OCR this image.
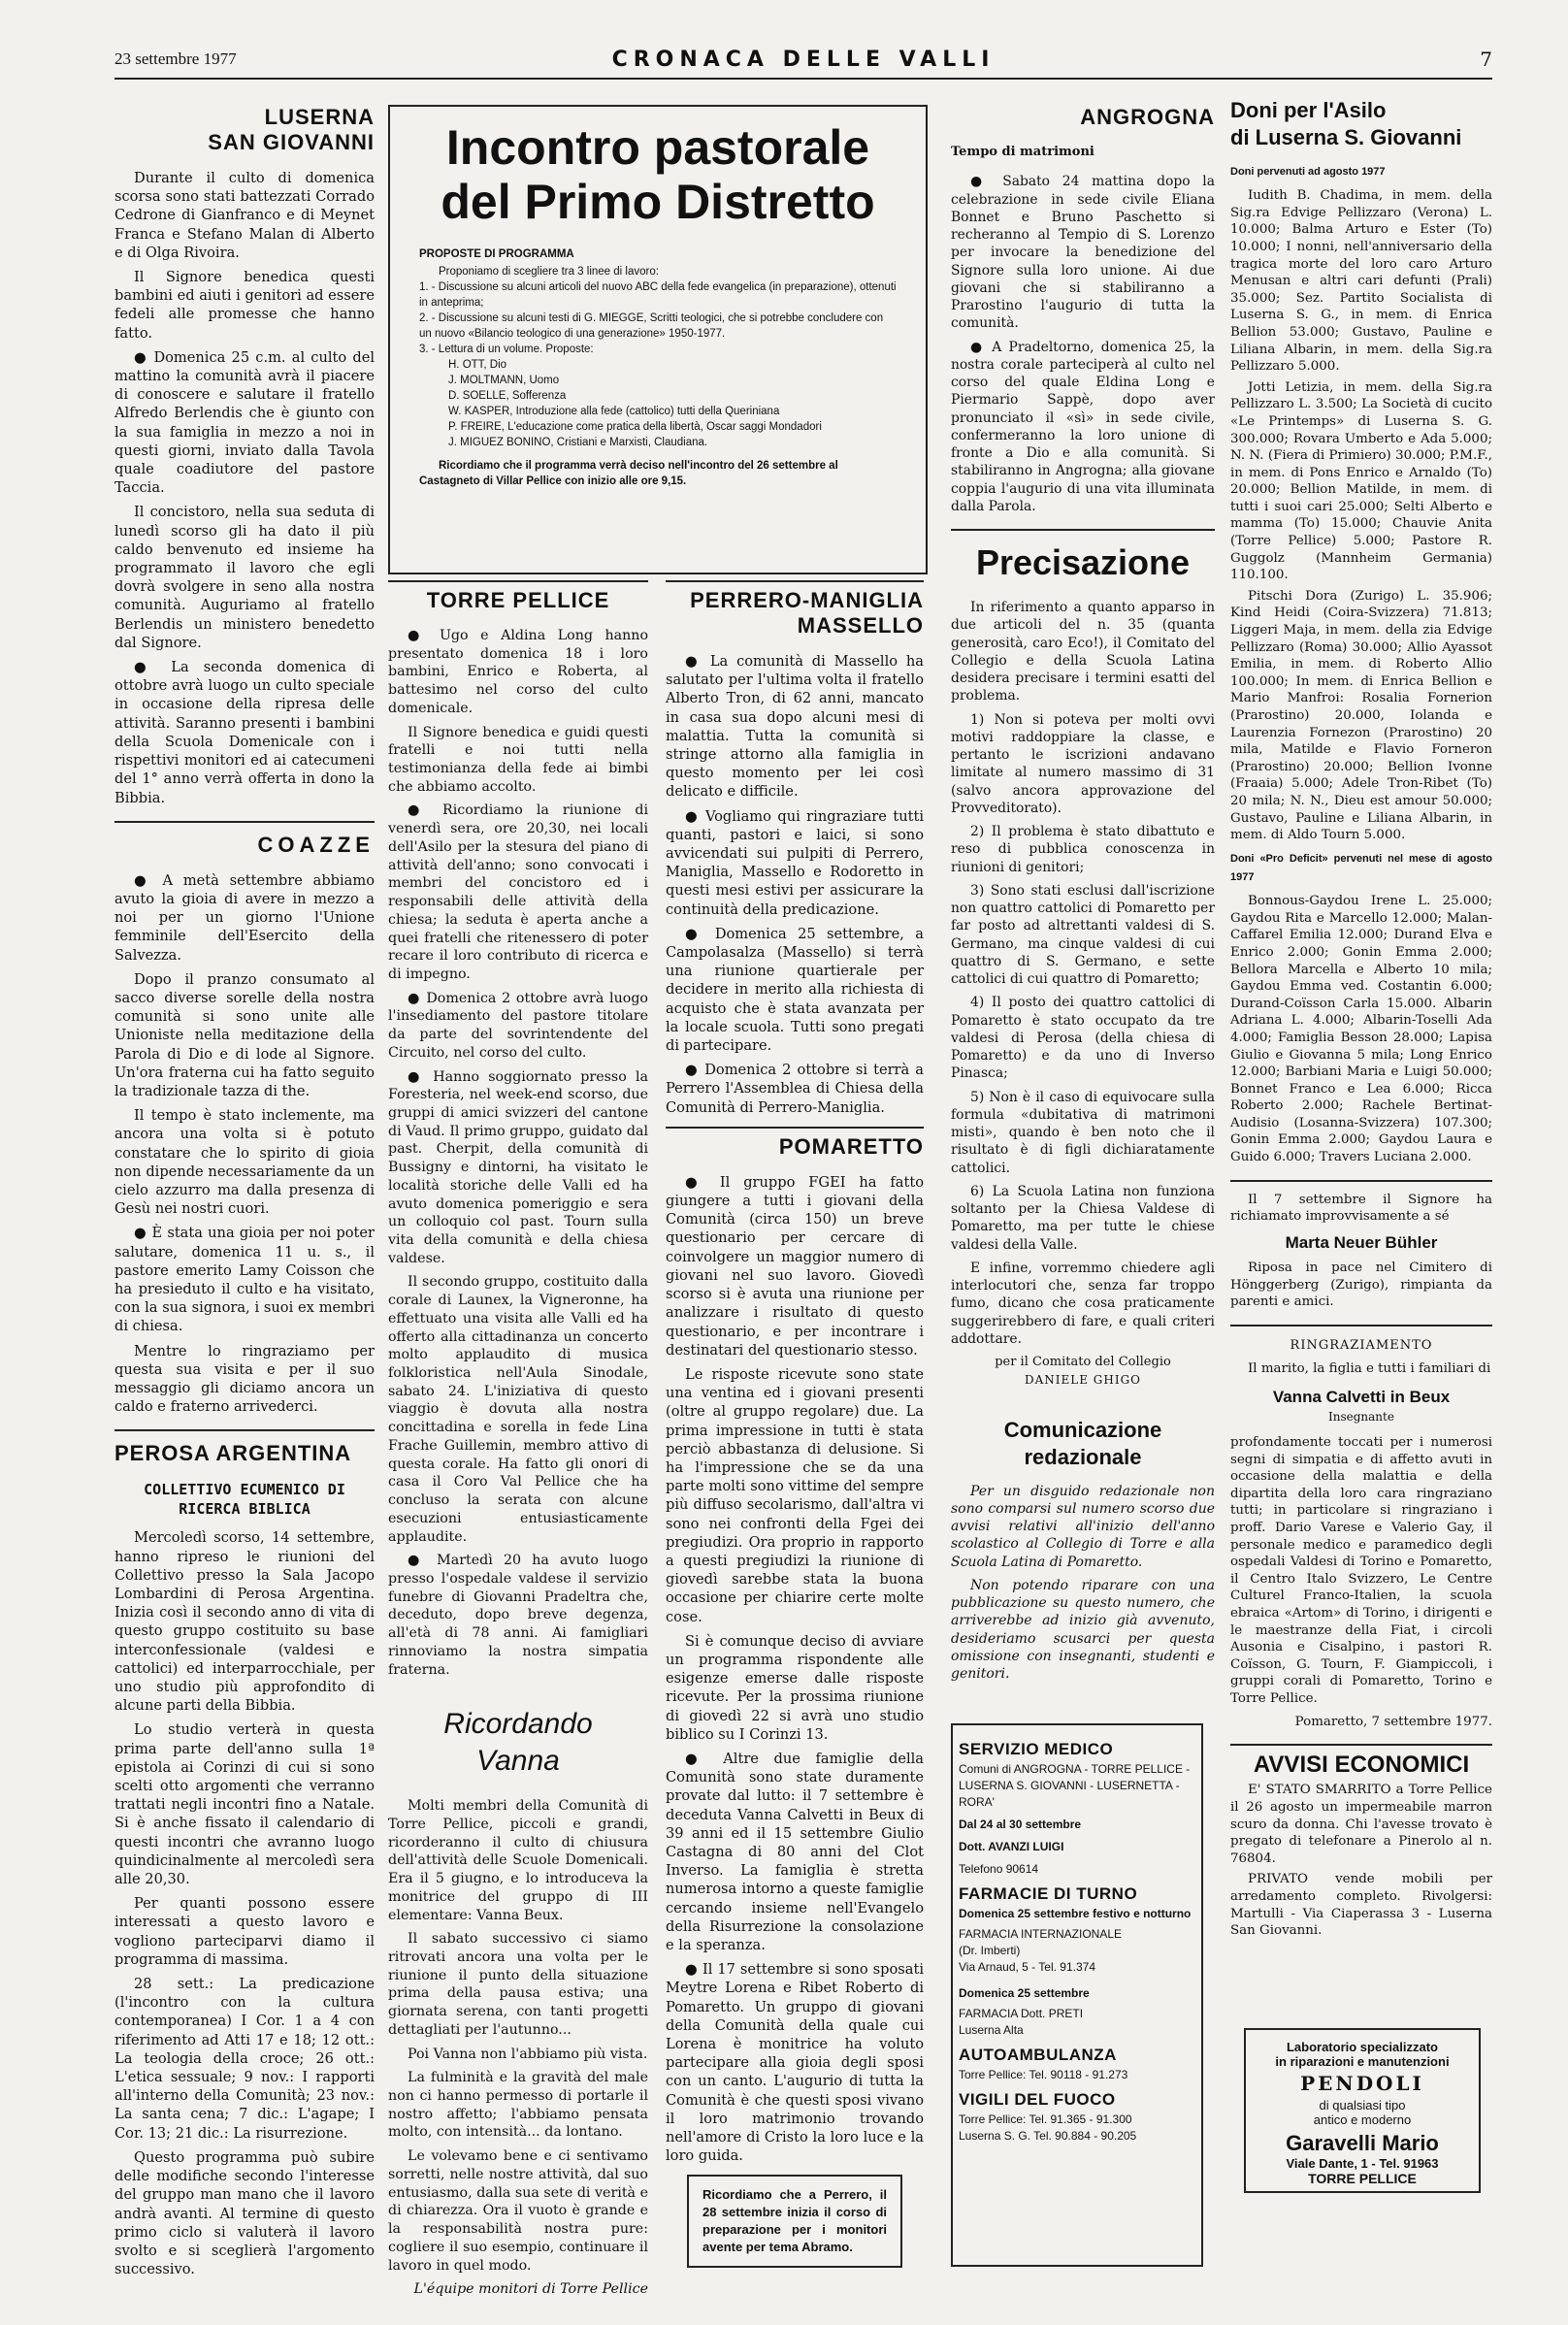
23 settembre 1977	CRONACA DELLE VALLI	7
LUSERNA
SAN GIOVANNI

Durante il culto di domenica scorsa sono stati battezzati Corrado Cedrone di Gianfranco e di Meynet Franca e Stefano Malan di Alberto e di Olga Rivoira.

Il Signore benedica questi bambini ed aiuti i genitori ad essere fedeli alle promesse che hanno fatto.

● Domenica 25 c.m. al culto del mattino la comunità avrà il piacere di conoscere e salutare il fratello Alfredo Berlendis che è giunto con la sua famiglia in mezzo a noi in questi giorni, inviato dalla Tavola quale coadiutore del pastore Taccia.

Il concistoro, nella sua seduta di lunedì scorso gli ha dato il più caldo benvenuto ed insieme ha programmato il lavoro che egli dovrà svolgere in seno alla nostra comunità. Auguriamo al fratello Berlendis un ministero benedetto dal Signore.

● La seconda domenica di ottobre avrà luogo un culto speciale in occasione della ripresa delle attività. Saranno presenti i bambini della Scuola Domenicale con i rispettivi monitori ed ai catecumeni del 1° anno verrà offerta in dono la Bibbia.

COAZZE

● A metà settembre abbiamo avuto la gioia di avere in mezzo a noi per un giorno l'Unione femminile dell'Esercito della Salvezza.

Dopo il pranzo consumato al sacco diverse sorelle della nostra comunità si sono unite alle Unioniste nella meditazione della Parola di Dio e di lode al Signore. Un'ora fraterna cui ha fatto seguito la tradizionale tazza di the.

Il tempo è stato inclemente, ma ancora una volta si è potuto constatare che lo spirito di gioia non dipende necessariamente da un cielo azzurro ma dalla presenza di Gesù nei nostri cuori.

● È stata una gioia per noi poter salutare, domenica 11 u. s., il pastore emerito Lamy Coisson che ha presieduto il culto e ha visitato, con la sua signora, i suoi ex membri di chiesa.

Mentre lo ringraziamo per questa sua visita e per il suo messaggio gli diciamo ancora un caldo e fraterno arrivederci.

PEROSA ARGENTINA
COLLETTIVO ECUMENICO DI RICERCA BIBLICA

Mercoledì scorso, 14 settembre, hanno ripreso le riunioni del Collettivo presso la Sala Jacopo Lombardini di Perosa Argentina. Inizia così il secondo anno di vita di questo gruppo costituito su base interconfessionale (valdesi e cattolici) ed interparrocchiale, per uno studio più approfondito di alcune parti della Bibbia.

Lo studio verterà in questa prima parte dell'anno sulla 1ª epistola ai Corinzi di cui si sono scelti otto argomenti che verranno trattati negli incontri fino a Natale. Si è anche fissato il calendario di questi incontri che avranno luogo quindicinalmente al mercoledì sera alle 20,30.

Per quanti possono essere interessati a questo lavoro e vogliono parteciparvi diamo il programma di massima.

28 sett.: La predicazione (l'incontro con la cultura contemporanea) I Cor. 1 a 4 con riferimento ad Atti 17 e 18; 12 ott.: La teologia della croce; 26 ott.: L'etica sessuale; 9 nov.: I rapporti all'interno della Comunità; 23 nov.: La santa cena; 7 dic.: L'agape; I Cor. 13; 21 dic.: La risurrezione.

Questo programma può subire delle modifiche secondo l'interesse del gruppo man mano che il lavoro andrà avanti. Al termine di questo primo ciclo si valuterà il lavoro svolto e si sceglierà l'argomento successivo.

Incontro pastorale
del Primo Distretto
PROPOSTE DI PROGRAMMA
Proponiamo di scegliere tra 3 linee di lavoro:
1. - Discussione su alcuni articoli del nuovo ABC della fede evangelica (in preparazione), ottenuti in anteprima;
2. - Discussione su alcuni testi di G. MIEGGE, Scritti teologici, che si potrebbe concludere con un nuovo «Bilancio teologico di una generazione» 1950-1977.
3. - Lettura di un volume. Proposte:
H. OTT, Dio
J. MOLTMANN, Uomo
D. SOELLE, Sofferenza
W. KASPER, Introduzione alla fede (cattolico) tutti della Queriniana
P. FREIRE, L'educazione come pratica della libertà, Oscar saggi Mondadori
J. MIGUEZ BONINO, Cristiani e Marxisti, Claudiana.
Ricordiamo che il programma verrà deciso nell'incontro del 26 settembre al Castagneto di Villar Pellice con inizio alle ore 9,15.
TORRE PELLICE

● Ugo e Aldina Long hanno presentato domenica 18 i loro bambini, Enrico e Roberta, al battesimo nel corso del culto domenicale.

Il Signore benedica e guidi questi fratelli e noi tutti nella testimonianza della fede ai bimbi che abbiamo accolto.

● Ricordiamo la riunione di venerdì sera, ore 20,30, nei locali dell'Asilo per la stesura del piano di attività dell'anno; sono convocati i membri del concistoro ed i responsabili delle attività della chiesa; la seduta è aperta anche a quei fratelli che ritenessero di poter recare il loro contributo di ricerca e di impegno.

● Domenica 2 ottobre avrà luogo l'insediamento del pastore titolare da parte del sovrintendente del Circuito, nel corso del culto.

● Hanno soggiornato presso la Foresteria, nel week-end scorso, due gruppi di amici svizzeri del cantone di Vaud. Il primo gruppo, guidato dal past. Cherpit, della comunità di Bussigny e dintorni, ha visitato le località storiche delle Valli ed ha avuto domenica pomeriggio e sera un colloquio col past. Tourn sulla vita della comunità e della chiesa valdese.

Il secondo gruppo, costituito dalla corale di Launex, la Vigneronne, ha effettuato una visita alle Valli ed ha offerto alla cittadinanza un concerto molto applaudito di musica folkloristica nell'Aula Sinodale, sabato 24. L'iniziativa di questo viaggio è dovuta alla nostra concittadina e sorella in fede Lina Frache Guillemin, membro attivo di questa corale. Ha fatto gli onori di casa il Coro Val Pellice che ha concluso la serata con alcune esecuzioni entusiasticamente applaudite.

● Martedì 20 ha avuto luogo presso l'ospedale valdese il servizio funebre di Giovanni Pradeltra che, deceduto, dopo breve degenza, all'età di 78 anni. Ai famigliari rinnoviamo la nostra simpatia fraterna.

Ricordando
Vanna

Molti membri della Comunità di Torre Pellice, piccoli e grandi, ricorderanno il culto di chiusura dell'attività delle Scuole Domenicali. Era il 5 giugno, e lo introduceva la monitrice del gruppo di III elementare: Vanna Beux.

Il sabato successivo ci siamo ritrovati ancora una volta per le riunione il punto della situazione prima della pausa estiva; una giornata serena, con tanti progetti dettagliati per l'autunno...

Poi Vanna non l'abbiamo più vista.

La fulminità e la gravità del male non ci hanno permesso di portarle il nostro affetto; l'abbiamo pensata molto, con intensità... da lontano.

Le volevamo bene e ci sentivamo sorretti, nelle nostre attività, dal suo entusiasmo, dalla sua sete di verità e di chiarezza. Ora il vuoto è grande e la responsabilità nostra pure: cogliere il suo esempio, continuare il lavoro in quel modo.

L'équipe monitori di Torre Pellice
PERRERO-MANIGLIA
MASSELLO

● La comunità di Massello ha salutato per l'ultima volta il fratello Alberto Tron, di 62 anni, mancato in casa sua dopo alcuni mesi di malattia. Tutta la comunità si stringe attorno alla famiglia in questo momento per lei così delicato e difficile.

● Vogliamo qui ringraziare tutti quanti, pastori e laici, si sono avvicendati sui pulpiti di Perrero, Maniglia, Massello e Rodoretto in questi mesi estivi per assicurare la continuità della predicazione.

● Domenica 25 settembre, a Campolasalza (Massello) si terrà una riunione quartierale per decidere in merito alla richiesta di acquisto che è stata avanzata per la locale scuola. Tutti sono pregati di partecipare.

● Domenica 2 ottobre si terrà a Perrero l'Assemblea di Chiesa della Comunità di Perrero-Maniglia.

POMARETTO

● Il gruppo FGEI ha fatto giungere a tutti i giovani della Comunità (circa 150) un breve questionario per cercare di coinvolgere un maggior numero di giovani nel suo lavoro. Giovedì scorso si è avuta una riunione per analizzare i risultato di questo questionario, e per incontrare i destinatari del questionario stesso.

Le risposte ricevute sono state una ventina ed i giovani presenti (oltre al gruppo regolare) due. La prima impressione in tutti è stata perciò abbastanza di delusione. Si ha l'impressione che se da una parte molti sono vittime del sempre più diffuso secolarismo, dall'altra vi sono nei confronti della Fgei dei pregiudizi. Ora proprio in rapporto a questi pregiudizi la riunione di giovedì sarebbe stata la buona occasione per chiarire certe molte cose.

Si è comunque deciso di avviare un programma rispondente alle esigenze emerse dalle risposte ricevute. Per la prossima riunione di giovedì 22 si avrà uno studio biblico su I Corinzi 13.

● Altre due famiglie della Comunità sono state duramente provate dal lutto: il 7 settembre è deceduta Vanna Calvetti in Beux di 39 anni ed il 15 settembre Giulio Castagna di 80 anni del Clot Inverso. La famiglia è stretta numerosa intorno a queste famiglie cercando insieme nell'Evangelo della Risurrezione la consolazione e la speranza.

● Il 17 settembre si sono sposati Meytre Lorena e Ribet Roberto di Pomaretto. Un gruppo di giovani della Comunità della quale cui Lorena è monitrice ha voluto partecipare alla gioia degli sposi con un canto. L'augurio di tutta la Comunità è che questi sposi vivano il loro matrimonio trovando nell'amore di Cristo la loro luce e la loro guida.

Ricordiamo che a Perrero, il 28 settembre inizia il corso di preparazione per i monitori avente per tema Abramo.
ANGROGNA
Tempo di matrimoni

● Sabato 24 mattina dopo la celebrazione in sede civile Eliana Bonnet e Bruno Paschetto si recheranno al Tempio di S. Lorenzo per invocare la benedizione del Signore sulla loro unione. Ai due giovani che si stabiliranno a Prarostino l'augurio di tutta la comunità.

● A Pradeltorno, domenica 25, la nostra corale parteciperà al culto nel corso del quale Eldina Long e Piermario Sappè, dopo aver pronunciato il «sì» in sede civile, confermeranno la loro unione di fronte a Dio e alla comunità. Si stabiliranno in Angrogna; alla giovane coppia l'augurio di una vita illuminata dalla Parola.

Precisazione

In riferimento a quanto apparso in due articoli del n. 35 (quanta generosità, caro Eco!), il Comitato del Collegio e della Scuola Latina desidera precisare i termini esatti del problema.

1) Non si poteva per molti ovvi motivi raddoppiare la classe, e pertanto le iscrizioni andavano limitate al numero massimo di 31 (salvo ancora approvazione del Provveditorato).

2) Il problema è stato dibattuto e reso di pubblica conoscenza in riunioni di genitori;

3) Sono stati esclusi dall'iscrizione non quattro cattolici di Pomaretto per far posto ad altrettanti valdesi di S. Germano, ma cinque valdesi di cui quattro di S. Germano, e sette cattolici di cui quattro di Pomaretto;

4) Il posto dei quattro cattolici di Pomaretto è stato occupato da tre valdesi di Perosa (della chiesa di Pomaretto) e da uno di Inverso Pinasca;

5) Non è il caso di equivocare sulla formula «dubitativa di matrimoni misti», quando è ben noto che il risultato è di figli dichiaratamente cattolici.

6) La Scuola Latina non funziona soltanto per la Chiesa Valdese di Pomaretto, ma per tutte le chiese valdesi della Valle.

E infine, vorremmo chiedere agli interlocutori che, senza far troppo fumo, dicano che cosa praticamente suggerirebbero di fare, e quali criteri addottare.

per il Comitato del Collegio
DANIELE GHIGO
Comunicazione redazionale

Per un disguido redazionale non sono comparsi sul numero scorso due avvisi relativi all'inizio dell'anno scolastico al Collegio di Torre e alla Scuola Latina di Pomaretto.

Non potendo riparare con una pubblicazione su questo numero, che arriverebbe ad inizio già avvenuto, desideriamo scusarci per questa omissione con insegnanti, studenti e genitori.

SERVIZIO MEDICO
Comuni di ANGROGNA - TORRE PELLICE - LUSERNA S. GIOVANNI - LUSERNETTA - RORA'
Dal 24 al 30 settembre
Dott. AVANZI LUIGI
Telefono 90614
FARMACIE DI TURNO
Domenica 25 settembre festivo e notturno
FARMACIA INTERNAZIONALE
(Dr. Imberti)
Via Arnaud, 5 - Tel. 91.374
Domenica 25 settembre
FARMACIA Dott. PRETI
Luserna Alta
AUTOAMBULANZA
Torre Pellice: Tel. 90118 - 91.273
VIGILI DEL FUOCO
Torre Pellice: Tel. 91.365 - 91.300
Luserna S. G. Tel. 90.884 - 90.205
Doni per l'Asilo
di Luserna S. Giovanni
Doni pervenuti ad agosto 1977

Iudith B. Chadima, in mem. della Sig.ra Edvige Pellizzaro (Verona) L. 10.000; Balma Arturo e Ester (To) 10.000; I nonni, nell'anniversario della tragica morte del loro caro Arturo Menusan e altri cari defunti (Prali) 35.000; Sez. Partito Socialista di Luserna S. G., in mem. di Enrica Bellion 53.000; Gustavo, Pauline e Liliana Albarin, in mem. della Sig.ra Pellizzaro 5.000.

Jotti Letizia, in mem. della Sig.ra Pellizzaro L. 3.500; La Società di cucito «Le Printemps» di Luserna S. G. 300.000; Rovara Umberto e Ada 5.000; N. N. (Fiera di Primiero) 30.000; P.M.F., in mem. di Pons Enrico e Arnaldo (To) 20.000; Bellion Matilde, in mem. di tutti i suoi cari 25.000; Selti Alberto e mamma (To) 15.000; Chauvie Anita (Torre Pellice) 5.000; Pastore R. Guggolz (Mannheim Germania) 110.100.

Pitschi Dora (Zurigo) L. 35.906; Kind Heidi (Coira-Svizzera) 71.813; Liggeri Maja, in mem. della zia Edvige Pellizzaro (Roma) 30.000; Allio Ayassot Emilia, in mem. di Roberto Allio 100.000; In mem. di Enrica Bellion e Mario Manfroi: Rosalia Fornerion (Prarostino) 20.000, Iolanda e Laurenzia Fornezon (Prarostino) 20 mila, Matilde e Flavio Forneron (Prarostino) 20.000; Bellion Ivonne (Fraaia) 5.000; Adele Tron-Ribet (To) 20 mila; N. N., Dieu est amour 50.000; Gustavo, Pauline e Liliana Albarin, in mem. di Aldo Tourn 5.000.

Doni «Pro Deficit» pervenuti nel mese di agosto 1977
Bonnous-Gaydou Irene L. 25.000; Gaydou Rita e Marcello 12.000; Malan-Caffarel Emilia 12.000; Durand Elva e Enrico 2.000; Gonin Emma 2.000; Bellora Marcella e Alberto 10 mila; Gaydou Emma ved. Costantin 6.000; Durand-Coïsson Carla 15.000. Albarin Adriana L. 4.000; Albarin-Toselli Ada 4.000; Famiglia Besson 28.000; Lapisa Giulio e Giovanna 5 mila; Long Enrico 12.000; Barbiani Maria e Luigi 50.000; Bonnet Franco e Lea 6.000; Ricca Roberto 2.000; Rachele Bertinat-Audisio (Losanna-Svizzera) 107.300; Gonin Emma 2.000; Gaydou Laura e Guido 6.000; Travers Luciana 2.000.
Il 7 settembre il Signore ha richiamato improvvisamente a sé
Marta Neuer Bühler
Riposa in pace nel Cimitero di Hönggerberg (Zurigo), rimpianta da parenti e amici.
RINGRAZIAMENTO
Il marito, la figlia e tutti i familiari di
Vanna Calvetti in Beux
Insegnante
profondamente toccati per i numerosi segni di simpatia e di affetto avuti in occasione della malattia e della dipartita della loro cara ringraziano tutti; in particolare si ringraziano i proff. Dario Varese e Valerio Gay, il personale medico e paramedico degli ospedali Valdesi di Torino e Pomaretto, il Centro Italo Svizzero, Le Centre Culturel Franco-Italien, la scuola ebraica «Artom» di Torino, i dirigenti e le maestranze della Fiat, i circoli Ausonia e Cisalpino, i pastori R. Coïsson, G. Tourn, F. Giampiccoli, i gruppi corali di Pomaretto, Torino e Torre Pellice.
Pomaretto, 7 settembre 1977.
AVVISI ECONOMICI
E' STATO SMARRITO a Torre Pellice il 26 agosto un impermeabile marron scuro da donna. Chi l'avesse trovato è pregato di telefonare a Pinerolo al n. 76804.
PRIVATO vende mobili per arredamento completo. Rivolgersi: Martulli - Via Ciaperassa 3 - Luserna San Giovanni.
Laboratorio specializzato
in riparazioni e manutenzioni
PENDOLI
di qualsiasi tipo
antico e moderno
Garavelli Mario
Viale Dante, 1 - Tel. 91963
TORRE PELLICE
